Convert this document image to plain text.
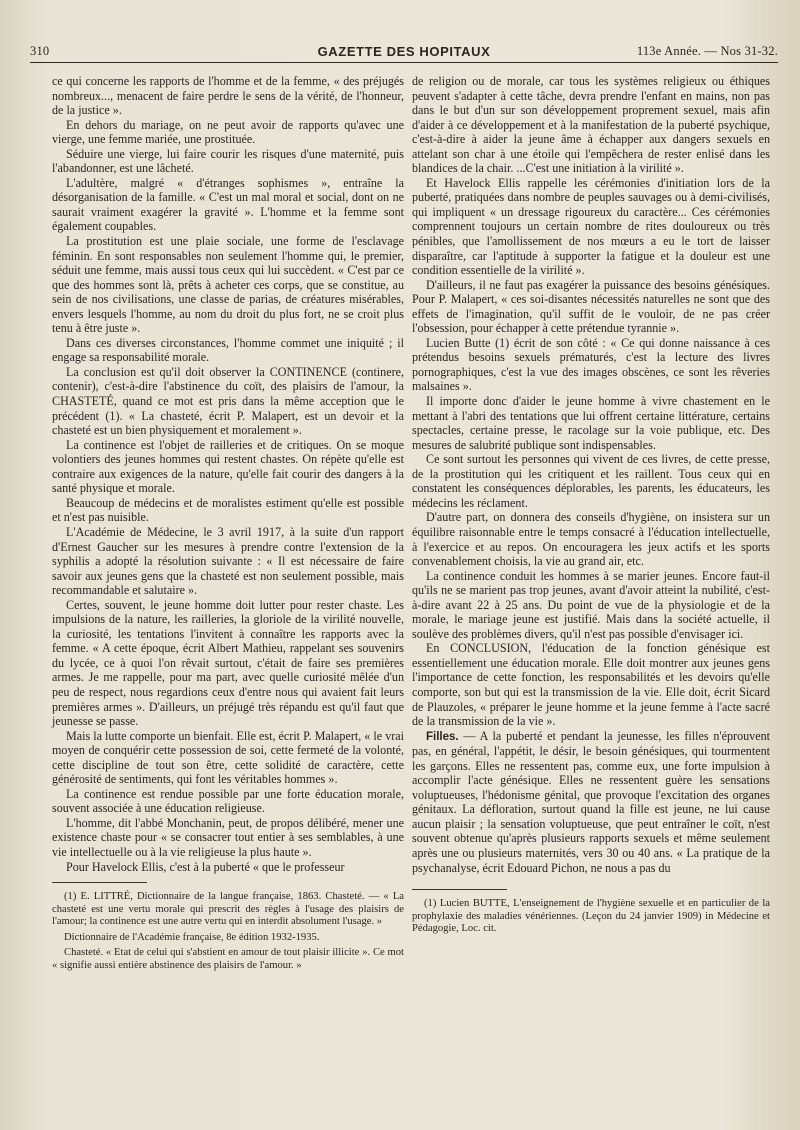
310	GAZETTE DES HOPITAUX	113e Année. — Nos 31-32.

ce qui concerne les rapports de l'homme et de la femme, « des préjugés nombreux..., menacent de faire perdre le sens de la vérité, de l'honneur, de la justice ».

En dehors du mariage, on ne peut avoir de rapports qu'avec une vierge, une femme mariée, une prostituée.

Séduire une vierge, lui faire courir les risques d'une maternité, puis l'abandonner, est une lâcheté.

L'adultère, malgré « d'étranges sophismes », entraîne la désorganisation de la famille. « C'est un mal moral et social, dont on ne saurait vraiment exagérer la gravité ». L'homme et la femme sont également coupables.

La prostitution est une plaie sociale, une forme de l'esclavage féminin. En sont responsables non seulement l'homme qui, le premier, séduit une femme, mais aussi tous ceux qui lui succèdent. « C'est par ce que des hommes sont là, prêts à acheter ces corps, que se constitue, au sein de nos civilisations, une classe de parias, de créatures misérables, envers lesquels l'homme, au nom du droit du plus fort, ne se croit plus tenu à être juste ».

Dans ces diverses circonstances, l'homme commet une iniquité ; il engage sa responsabilité morale.

La conclusion est qu'il doit observer la CONTINENCE (continere, contenir), c'est-à-dire l'abstinence du coït, des plaisirs de l'amour, la CHASTETÉ, quand ce mot est pris dans la même acception que le précédent (1). « La chasteté, écrit P. Malapert, est un devoir et la chasteté est un bien physiquement et moralement ».

La continence est l'objet de railleries et de critiques. On se moque volontiers des jeunes hommes qui restent chastes. On répète qu'elle est contraire aux exigences de la nature, qu'elle fait courir des dangers à la santé physique et morale.

Beaucoup de médecins et de moralistes estiment qu'elle est possible et n'est pas nuisible.

L'Académie de Médecine, le 3 avril 1917, à la suite d'un rapport d'Ernest Gaucher sur les mesures à prendre contre l'extension de la syphilis a adopté la résolution suivante : « Il est nécessaire de faire savoir aux jeunes gens que la chasteté est non seulement possible, mais recommandable et salutaire ».

Certes, souvent, le jeune homme doit lutter pour rester chaste. Les impulsions de la nature, les railleries, la gloriole de la virilité nouvelle, la curiosité, les tentations l'invitent à connaître les rapports avec la femme. « A cette époque, écrit Albert Mathieu, rappelant ses souvenirs du lycée, ce à quoi l'on rêvait surtout, c'était de faire ses premières armes. Je me rappelle, pour ma part, avec quelle curiosité mêlée d'un peu de respect, nous regardions ceux d'entre nous qui avaient fait leurs premières armes ». D'ailleurs, un préjugé très répandu est qu'il faut que jeunesse se passe.

Mais la lutte comporte un bienfait. Elle est, écrit P. Malapert, « le vrai moyen de conquérir cette possession de soi, cette fermeté de la volonté, cette discipline de tout son être, cette solidité de caractère, cette générosité de sentiments, qui font les véritables hommes ».

La continence est rendue possible par une forte éducation morale, souvent associée à une éducation religieuse.

L'homme, dit l'abbé Monchanin, peut, de propos délibéré, mener une existence chaste pour « se consacrer tout entier à ses semblables, à une vie intellectuelle ou à la vie religieuse la plus haute ».

Pour Havelock Ellis, c'est à la puberté « que le professeur

(1) E. LITTRÉ, Dictionnaire de la langue française, 1863. Chasteté. — « La chasteté est une vertu morale qui prescrit des règles à l'usage des plaisirs de l'amour; la continence est une autre vertu qui en interdit absolument l'usage. »

Dictionnaire de l'Académie française, 8e édition 1932-1935.

Chasteté. « Etat de celui qui s'abstient en amour de tout plaisir illicite ». Ce mot « signifie aussi entière abstinence des plaisirs de l'amour. »

de religion ou de morale, car tous les systèmes religieux ou éthiques peuvent s'adapter à cette tâche, devra prendre l'enfant en mains, non pas dans le but d'un sur son développement proprement sexuel, mais afin d'aider à ce développement et à la manifestation de la puberté psychique, c'est-à-dire à aider la jeune âme à échapper aux dangers sexuels en attelant son char à une étoile qui l'empêchera de rester enlisé dans les blandices de la chair. ...C'est une initiation à la virilité ».

Et Havelock Ellis rappelle les cérémonies d'initiation lors de la puberté, pratiquées dans nombre de peuples sauvages ou à demi-civilisés, qui impliquent « un dressage rigoureux du caractère... Ces cérémonies comprennent toujours un certain nombre de rites douloureux ou très pénibles, que l'amollissement de nos mœurs a eu le tort de laisser disparaître, car l'aptitude à supporter la fatigue et la douleur est une condition essentielle de la virilité ».

D'ailleurs, il ne faut pas exagérer la puissance des besoins génésiques. Pour P. Malapert, « ces soi-disantes nécessités naturelles ne sont que des effets de l'imagination, qu'il suffit de le vouloir, de ne pas créer l'obsession, pour échapper à cette prétendue tyrannie ».

Lucien Butte (1) écrit de son côté : « Ce qui donne naissance à ces prétendus besoins sexuels prématurés, c'est la lecture des livres pornographiques, c'est la vue des images obscènes, ce sont les rêveries malsaines ».

Il importe donc d'aider le jeune homme à vivre chastement en le mettant à l'abri des tentations que lui offrent certaine littérature, certains spectacles, certaine presse, le racolage sur la voie publique, etc. Des mesures de salubrité publique sont indispensables.

Ce sont surtout les personnes qui vivent de ces livres, de cette presse, de la prostitution qui les critiquent et les raillent. Tous ceux qui en constatent les conséquences déplorables, les parents, les éducateurs, les médecins les réclament.

D'autre part, on donnera des conseils d'hygiène, on insistera sur un équilibre raisonnable entre le temps consacré à l'éducation intellectuelle, à l'exercice et au repos. On encouragera les jeux actifs et les sports convenablement choisis, la vie au grand air, etc.

La continence conduit les hommes à se marier jeunes. Encore faut-il qu'ils ne se marient pas trop jeunes, avant d'avoir atteint la nubilité, c'est-à-dire avant 22 à 25 ans. Du point de vue de la physiologie et de la morale, le mariage jeune est justifié. Mais dans la société actuelle, il soulève des problèmes divers, qu'il n'est pas possible d'envisager ici.

En CONCLUSION, l'éducation de la fonction génésique est essentiellement une éducation morale. Elle doit montrer aux jeunes gens l'importance de cette fonction, les responsabilités et les devoirs qu'elle comporte, son but qui est la transmission de la vie. Elle doit, écrit Sicard de Plauzoles, « préparer le jeune homme et la jeune femme à l'acte sacré de la transmission de la vie ».

Filles. — A la puberté et pendant la jeunesse, les filles n'éprouvent pas, en général, l'appétit, le désir, le besoin génésiques, qui tourmentent les garçons. Elles ne ressentent pas, comme eux, une forte impulsion à accomplir l'acte génésique. Elles ne ressentent guère les sensations voluptueuses, l'hédonisme génital, que provoque l'excitation des organes génitaux. La défloration, surtout quand la fille est jeune, ne lui cause aucun plaisir ; la sensation voluptueuse, que peut entraîner le coït, n'est souvent obtenue qu'après plusieurs rapports sexuels et même seulement après une ou plusieurs maternités, vers 30 ou 40 ans. « La pratique de la psychanalyse, écrit Edouard Pichon, ne nous a pas du

(1) Lucien BUTTE, L'enseignement de l'hygiène sexuelle et en particulier de la prophylaxie des maladies vénériennes. (Leçon du 24 janvier 1909) in Médecine et Pédagogie, Loc. cit.
